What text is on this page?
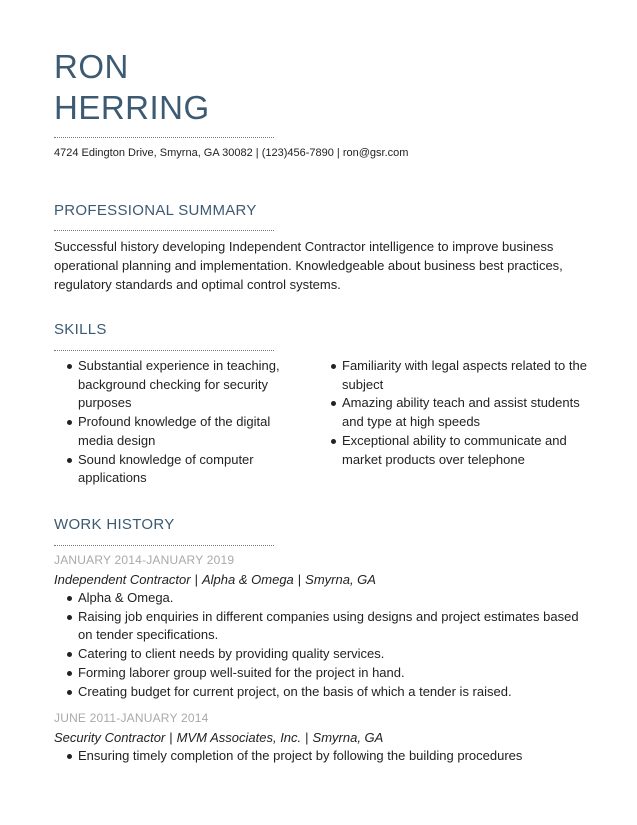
RON
HERRING
4724 Edington Drive, Smyrna, GA 30082 | (123)456-7890 | ron@gsr.com
PROFESSIONAL SUMMARY
Successful history developing Independent Contractor intelligence to improve business operational planning and implementation. Knowledgeable about business best practices, regulatory standards and optimal control systems.
SKILLS
Substantial experience in teaching, background checking for security purposes
Profound knowledge of the digital media design
Sound knowledge of computer applications
Familiarity with legal aspects related to the subject
Amazing ability teach and assist students and type at high speeds
Exceptional ability to communicate and market products over telephone
WORK HISTORY
JANUARY 2014-JANUARY 2019
Independent Contractor | Alpha & Omega | Smyrna, GA
Alpha & Omega.
Raising job enquiries in different companies using designs and project estimates based on tender specifications.
Catering to client needs by providing quality services.
Forming laborer group well-suited for the project in hand.
Creating budget for current project, on the basis of which a tender is raised.
JUNE 2011-JANUARY 2014
Security Contractor | MVM Associates, Inc. | Smyrna, GA
Ensuring timely completion of the project by following the building procedures
